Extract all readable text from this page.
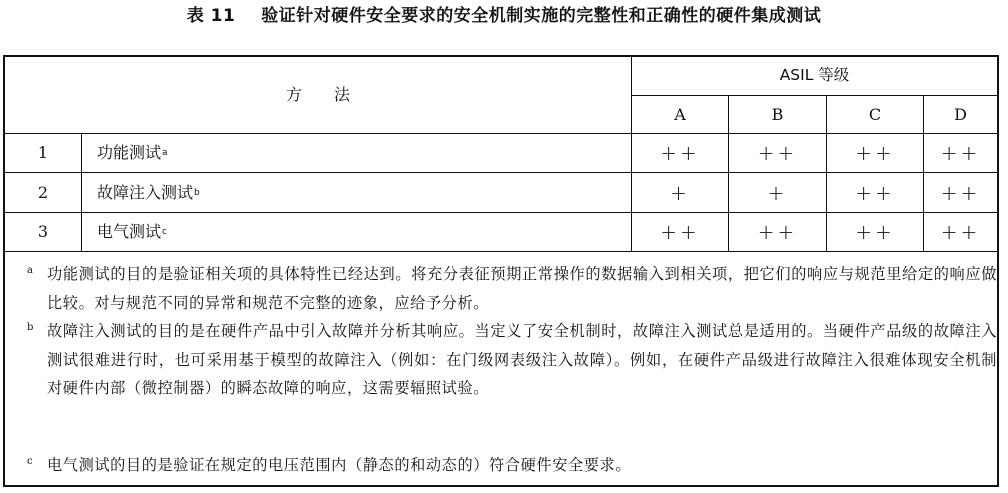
表 11 验证针对硬件安全要求的安全机制实施的完整性和正确性的硬件集成测试
方　　法
ASIL 等级
A	B	C	D
1	功能测试 a	++	++	++	++
2	故障注入测试 b	+	+	++	++
3	电气测试 c	++	++	++	++
a 功能测试的目的是验证相关项的具体特性已经达到。将充分表征预期正常操作的数据输入到相关项，把它们的响应与规范里给定的响应做比较。对与规范不同的异常和规范不完整的迹象，应给予分析。
b 故障注入测试的目的是在硬件产品中引入故障并分析其响应。当定义了安全机制时，故障注入测试总是适用的。当硬件产品级的故障注入测试很难进行时，也可采用基于模型的故障注入（例如：在门级网表级注入故障）。例如，在硬件产品级进行故障注入很难体现安全机制对硬件内部（微控制器）的瞬态故障的响应，这需要辐照试验。
c 电气测试的目的是验证在规定的电压范围内（静态的和动态的）符合硬件安全要求。
